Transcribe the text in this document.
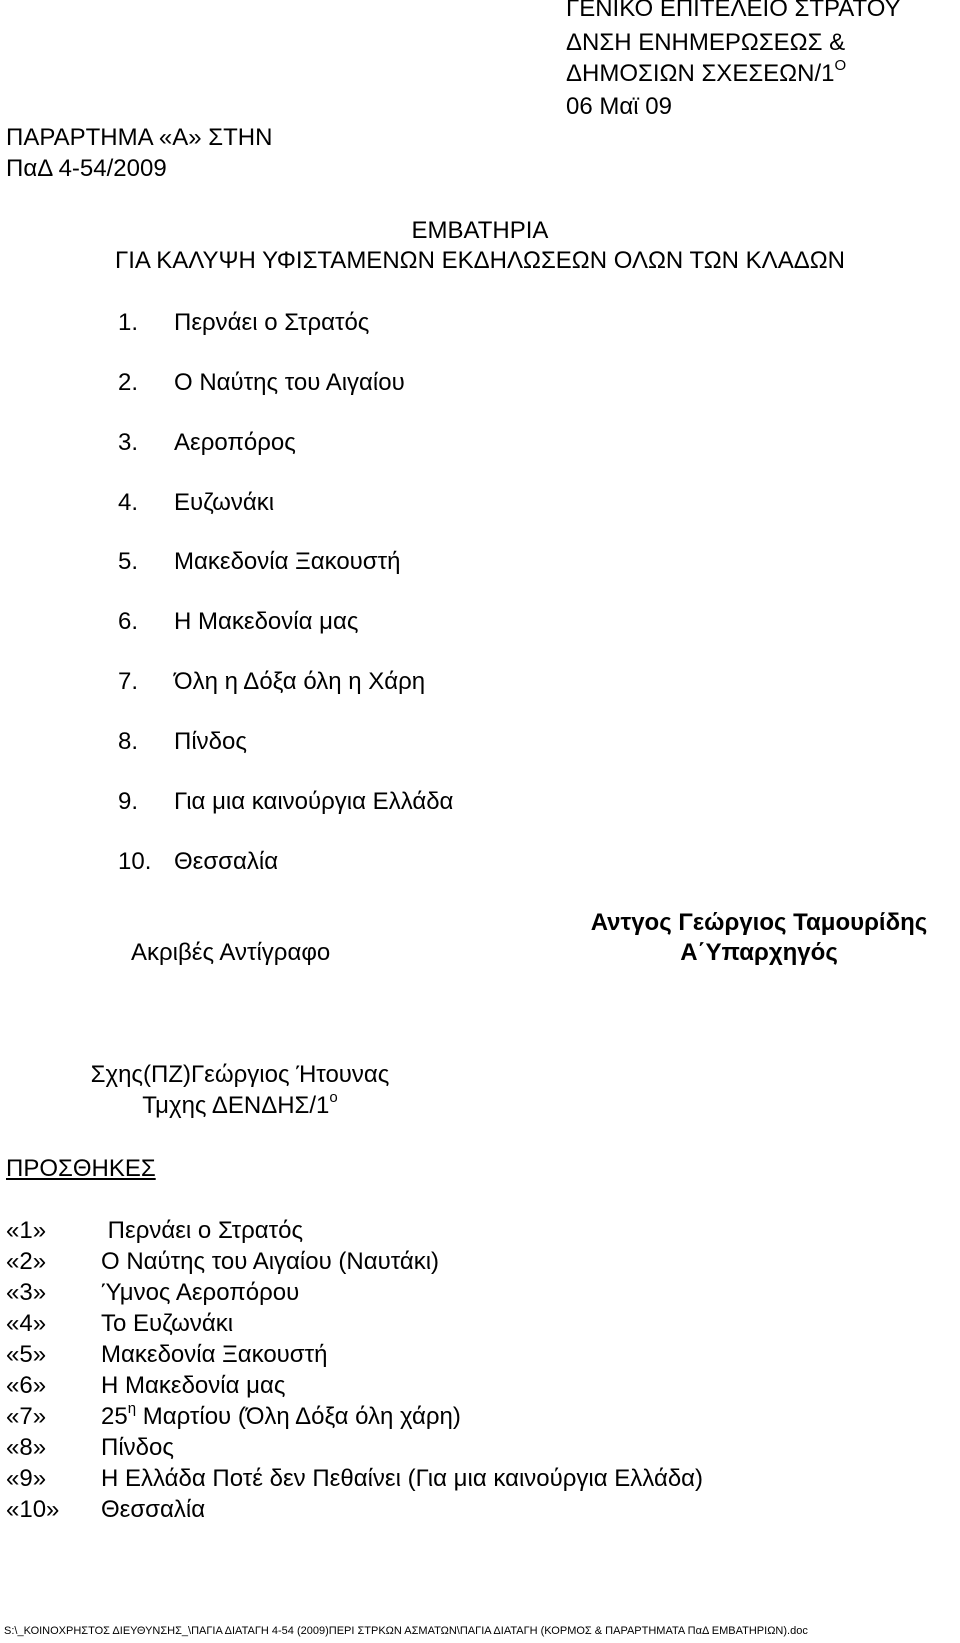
ΓΕΝΙΚΟ ΕΠΙΤΕΛΕΙΟ ΣΤΡΑΤΟΥ
ΔΝΣΗ ΕΝΗΜΕΡΩΣΕΩΣ &
ΔΗΜΟΣΙΩΝ ΣΧΕΣΕΩΝ/$1^O$
06 Μαϊ 09
ΠΑΡΑΡΤΗΜΑ «Α» ΣΤΗΝ
ΠαΔ 4-54/2009
ΕΜΒΑΤΗΡΙΑ
ΓΙΑ ΚΑΛΥΨΗ ΥΦΙΣΤΑΜΕΝΩΝ ΕΚΔΗΛΩΣΕΩΝ ΟΛΩΝ ΤΩΝ ΚΛΑΔΩΝ
1. Περνάει ο Στρατός
2. Ο Ναύτης του Αιγαίου
3. Αεροπόρος
4. Ευζωνάκι
5. Μακεδονία Ξακουστή
6. Η Μακεδονία μας
7. Όλη η Δόξα όλη η Χάρη
8. Πίνδος
9. Για μια καινούργια Ελλάδα
10. Θεσσαλία
Ακριβές Αντίγραφο
Αντγος Γεώργιος Ταμουρίδης
Α΄Υπαρχηγός
Σχης(ΠΖ)Γεώργιος Ήτουνας
Τμχης ΔΕΝΔΗΣ/$1^o$
ΠΡΟΣΘΗΚΕΣ
«1» Περνάει ο Στρατός
«2» Ο Ναύτης του Αιγαίου (Ναυτάκι)
«3» Ύμνος Αεροπόρου
«4» Το Ευζωνάκι
«5» Μακεδονία Ξακουστή
«6» Η Μακεδονία μας
«7» $25^\eta$ Μαρτίου (Όλη Δόξα όλη χάρη)
«8» Πίνδος
«9» Η Ελλάδα Ποτέ δεν Πεθαίνει (Για μια καινούργια Ελλάδα)
«10» Θεσσαλία
S:\_ΚΟΙΝΟΧΡΗΣΤΟΣ ΔΙΕΥΘΥΝΣΗΣ_\ΠΑΓΙΑ ΔΙΑΤΑΓΗ 4-54 (2009)ΠΕΡΙ ΣΤΡΚΩΝ ΑΣΜΑΤΩΝ\ΠΑΓΙΑ ΔΙΑΤΑΓΗ (ΚΟΡΜΟΣ & ΠΑΡΑΡΤΗΜΑΤΑ ΠαΔ ΕΜΒΑΤΗΡΙΩΝ).doc
